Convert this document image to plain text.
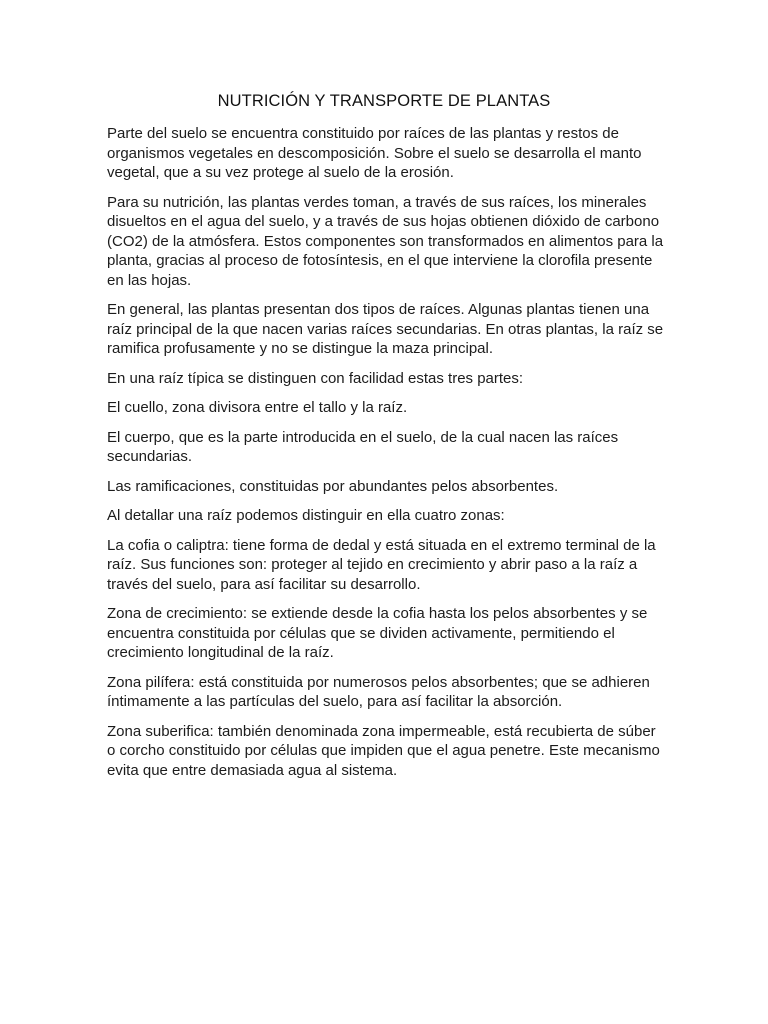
NUTRICIÓN Y TRANSPORTE DE PLANTAS

Parte del suelo se encuentra constituido por raíces de las plantas y restos de organismos vegetales en descomposición. Sobre el suelo se desarrolla el manto vegetal, que a su vez protege al suelo de la erosión.

Para su nutrición, las plantas verdes toman, a través de sus raíces, los minerales disueltos en el agua del suelo, y a través de sus hojas obtienen dióxido de carbono (CO2) de la atmósfera. Estos componentes son transformados en alimentos para la planta, gracias al proceso de fotosíntesis, en el que interviene la clorofila presente en las hojas.

En general, las plantas presentan dos tipos de raíces. Algunas plantas tienen una raíz principal de la que nacen varias raíces secundarias. En otras plantas, la raíz se ramifica profusamente y no se distingue la maza principal.

En una raíz típica se distinguen con facilidad estas tres partes:

El cuello, zona divisora entre el tallo y la raíz.

El cuerpo, que es la parte introducida en el suelo, de la cual nacen las raíces secundarias.

Las ramificaciones, constituidas por abundantes pelos absorbentes.

Al detallar una raíz podemos distinguir en ella cuatro zonas:

La cofia o caliptra: tiene forma de dedal y está situada en el extremo terminal de la raíz. Sus funciones son: proteger al tejido en crecimiento y abrir paso a la raíz a través del suelo, para así facilitar su desarrollo.

Zona de crecimiento: se extiende desde la cofia hasta los pelos absorbentes y se encuentra constituida por células que se dividen activamente, permitiendo el crecimiento longitudinal de la raíz.

Zona pilífera: está constituida por numerosos pelos absorbentes; que se adhieren íntimamente a las partículas del suelo, para así facilitar la absorción.

Zona suberifica: también denominada zona impermeable, está recubierta de súber o corcho constituido por células que impiden que el agua penetre. Este mecanismo evita que entre demasiada agua al sistema.
